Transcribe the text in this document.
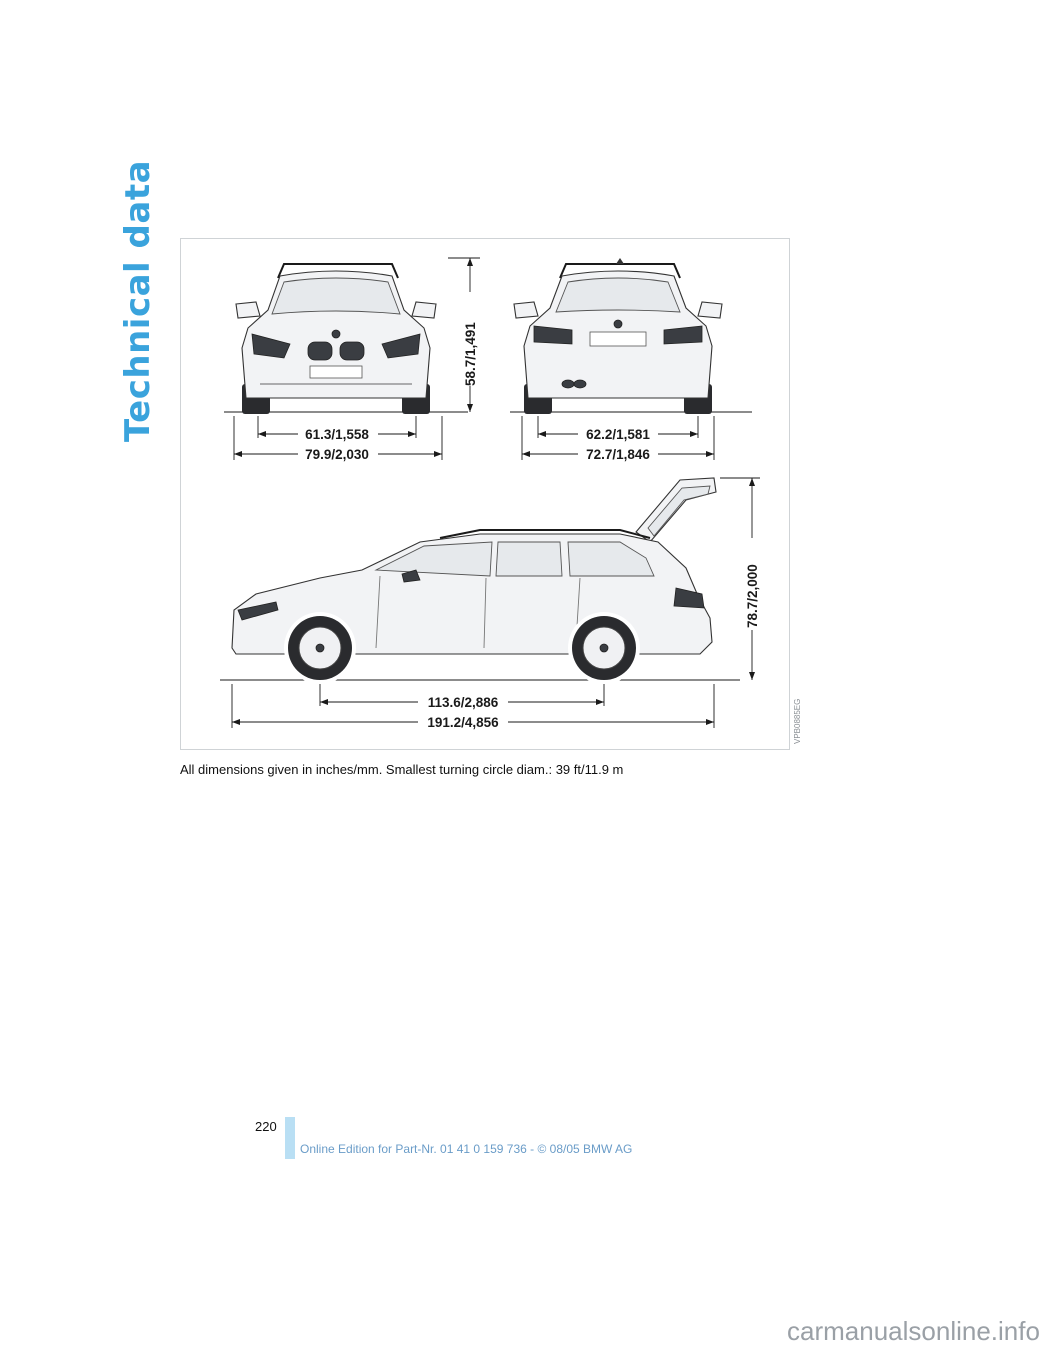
Technical data	58.7/1,491
61.3/1,558
79.9/2,030
62.2/1,581
72.7/1,846
78.7/2,000
113.6/2,886
191.2/4,856	VPB0885EG
All dimensions given in inches/mm. Smallest turning circle diam.: 39 ft/11.9 m
220
Online Edition for Part-Nr. 01 41 0 159 736 - © 08/05 BMW AG
carmanualsonline.info
